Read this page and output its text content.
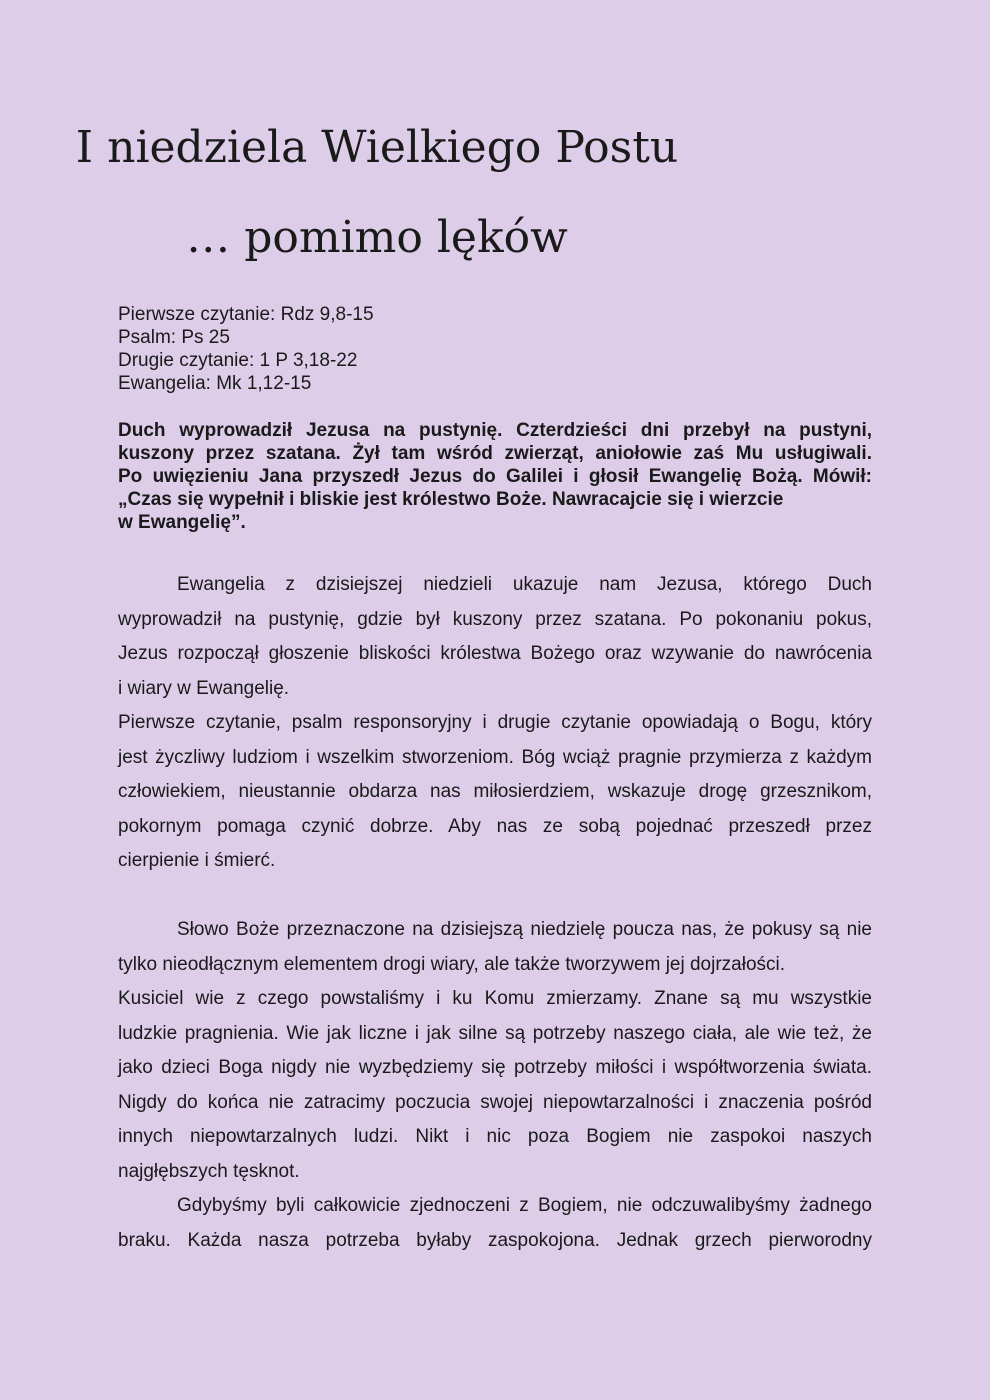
I niedziela Wielkiego Postu
… pomimo lęków
Pierwsze czytanie: Rdz 9,8-15
Psalm: Ps 25
Drugie czytanie: 1 P 3,18-22
Ewangelia: Mk 1,12-15
Duch wyprowadził Jezusa na pustynię. Czterdzieści dni przebył na pustyni,
kuszony przez szatana. Żył tam wśród zwierząt, aniołowie zaś Mu usługiwali.
Po uwięzieniu Jana przyszedł Jezus do Galilei i głosił Ewangelię Bożą. Mówił:
„Czas się wypełnił i bliskie jest królestwo Boże. Nawracajcie się i wierzcie
w Ewangelię”.
Ewangelia z dzisiejszej niedzieli ukazuje nam Jezusa, którego Duch
wyprowadził na pustynię, gdzie był kuszony przez szatana. Po pokonaniu pokus,
Jezus rozpoczął głoszenie bliskości królestwa Bożego oraz wzywanie do nawrócenia
i wiary w Ewangelię.
Pierwsze czytanie, psalm responsoryjny i drugie czytanie opowiadają o Bogu, który
jest życzliwy ludziom i wszelkim stworzeniom. Bóg wciąż pragnie przymierza z każdym
człowiekiem, nieustannie obdarza nas miłosierdziem, wskazuje drogę grzesznikom,
pokornym pomaga czynić dobrze. Aby nas ze sobą pojednać przeszedł przez
cierpienie i śmierć.
Słowo Boże przeznaczone na dzisiejszą niedzielę poucza nas, że pokusy są nie
tylko nieodłącznym elementem drogi wiary, ale także tworzywem jej dojrzałości.
Kusiciel wie z czego powstaliśmy i ku Komu zmierzamy. Znane są mu wszystkie
ludzkie pragnienia. Wie jak liczne i jak silne są potrzeby naszego ciała, ale wie też, że
jako dzieci Boga nigdy nie wyzbędziemy się potrzeby miłości i współtworzenia świata.
Nigdy do końca nie zatracimy poczucia swojej niepowtarzalności i znaczenia pośród
innych niepowtarzalnych ludzi. Nikt i nic poza Bogiem nie zaspokoi naszych
najgłębszych tęsknot.
Gdybyśmy byli całkowicie zjednoczeni z Bogiem, nie odczuwalibyśmy żadnego
braku. Każda nasza potrzeba byłaby zaspokojona. Jednak grzech pierworodny
